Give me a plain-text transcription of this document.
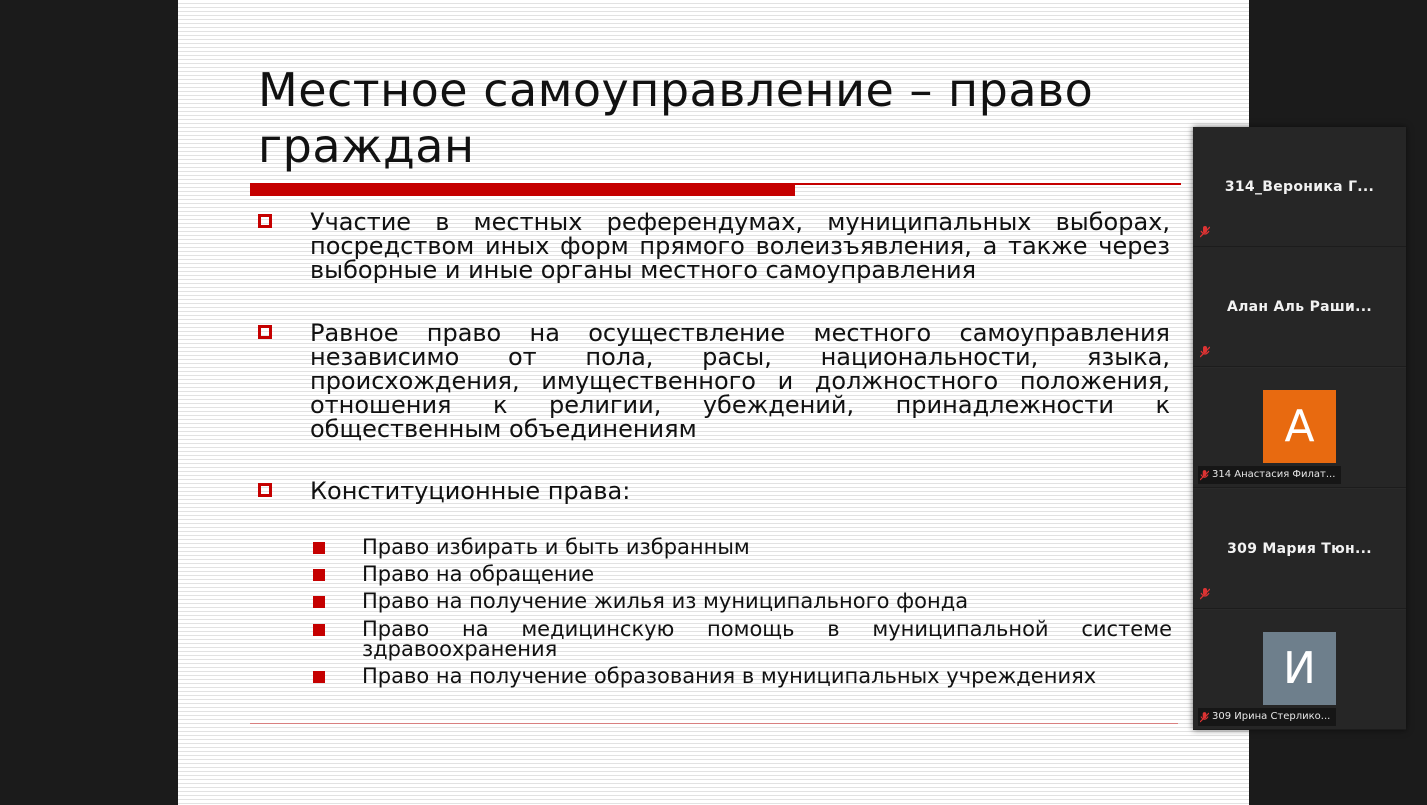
Местное самоуправление – право граждан
Участие в местных референдумах, муниципальных выборах, посредством иных форм прямого волеизъявления, а также через выборные и иные органы местного самоуправления
Равное право на осуществление местного самоуправления независимо от пола, расы, национальности, языка, происхождения, имущественного и должностного положения, отношения к религии, убеждений, принадлежности к общественным объединениям
Конституционные права:
Право избирать и быть избранным
Право на обращение
Право на получение жилья из муниципального фонда
Право на медицинскую помощь в муниципальной системе здравоохранения
Право на получение образования в муниципальных учреждениях
314_Вероника Г...
Алан Аль Раши...
А
314 Анастасия Филат...
309 Мария Тюн...
И
309 Ирина Стерлико...
